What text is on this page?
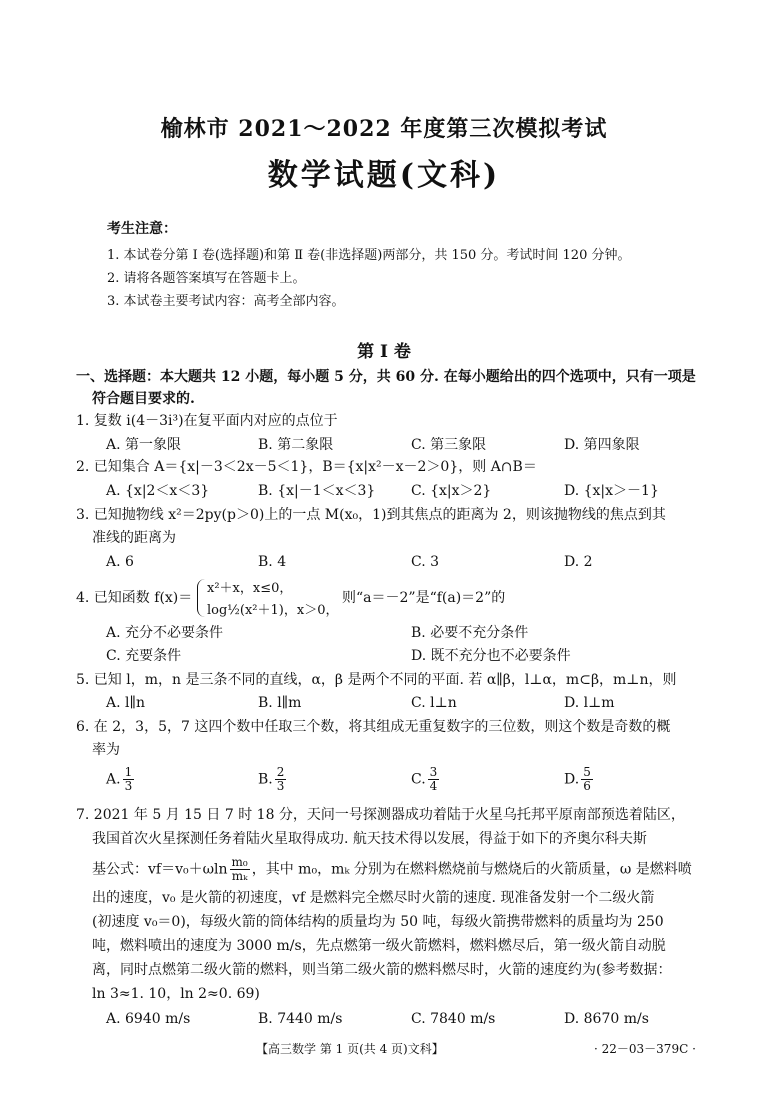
榆林市 2021～2022 年度第三次模拟考试
数学试题(文科)
考生注意：
1. 本试卷分第 Ⅰ 卷(选择题)和第 Ⅱ 卷(非选择题)两部分，共 150 分。考试时间 120 分钟。
2. 请将各题答案填写在答题卡上。
3. 本试卷主要考试内容：高考全部内容。
第 Ⅰ 卷
一、选择题：本大题共 12 小题，每小题 5 分，共 60 分. 在每小题给出的四个选项中，只有一项是
符合题目要求的.
1. 复数 i(4－3i³)在复平面内对应的点位于
A. 第一象限	B. 第二象限	C. 第三象限	D. 第四象限
2. 已知集合 A＝{x|－3＜2x－5＜1}，B＝{x|x²－x－2＞0}，则 A∩B＝
A. {x|2＜x＜3}	B. {x|－1＜x＜3}	C. {x|x＞2}	D. {x|x＞－1}
3. 已知抛物线 x²＝2py(p＞0)上的一点 M(x₀，1)到其焦点的距离为 2，则该抛物线的焦点到其
准线的距离为
A. 6	B. 4	C. 3	D. 2
4. 已知函数 f(x)＝
x²＋x，x≤0，
log½(x²＋1)，x＞0，
则“a＝－2”是“f(a)＝2”的
A. 充分不必要条件	B. 必要不充分条件
C. 充要条件	D. 既不充分也不必要条件
5. 已知 l，m，n 是三条不同的直线，α，β 是两个不同的平面. 若 α∥β，l⊥α，m⊂β，m⊥n，则
A. l∥n	B. l∥m	C. l⊥n	D. l⊥m
6. 在 2，3，5，7 这四个数中任取三个数，将其组成无重复数字的三位数，则这个数是奇数的概
率为
A. $\frac{1}{3}$	B. $\frac{2}{3}$	C. $\frac{3}{4}$	D. $\frac{5}{6}$
7. 2021 年 5 月 15 日 7 时 18 分，天问一号探测器成功着陆于火星乌托邦平原南部预选着陆区，
我国首次火星探测任务着陆火星取得成功. 航天技术得以发展，得益于如下的齐奥尔科夫斯
基公式：$vf=v_0+\omega\ln \frac{\text{m₀}}{\text{mₖ}}$ ，其中 m₀，mₖ 分别为在燃料燃烧前与燃烧后的火箭质量，ω 是燃料喷
出的速度，v₀ 是火箭的初速度，vf 是燃料完全燃尽时火箭的速度. 现准备发射一个二级火箭
(初速度 v₀＝0)，每级火箭的筒体结构的质量均为 50 吨，每级火箭携带燃料的质量均为 250
吨，燃料喷出的速度为 3000 m/s，先点燃第一级火箭燃料，燃料燃尽后，第一级火箭自动脱
离，同时点燃第二级火箭的燃料，则当第二级火箭的燃料燃尽时，火箭的速度约为(参考数据：
ln 3≈1. 10，ln 2≈0. 69)
A. 6940 m/s	B. 7440 m/s	C. 7840 m/s	D. 8670 m/s
【高三数学 第 1 页(共 4 页)文科】	· 22－03－379C ·
